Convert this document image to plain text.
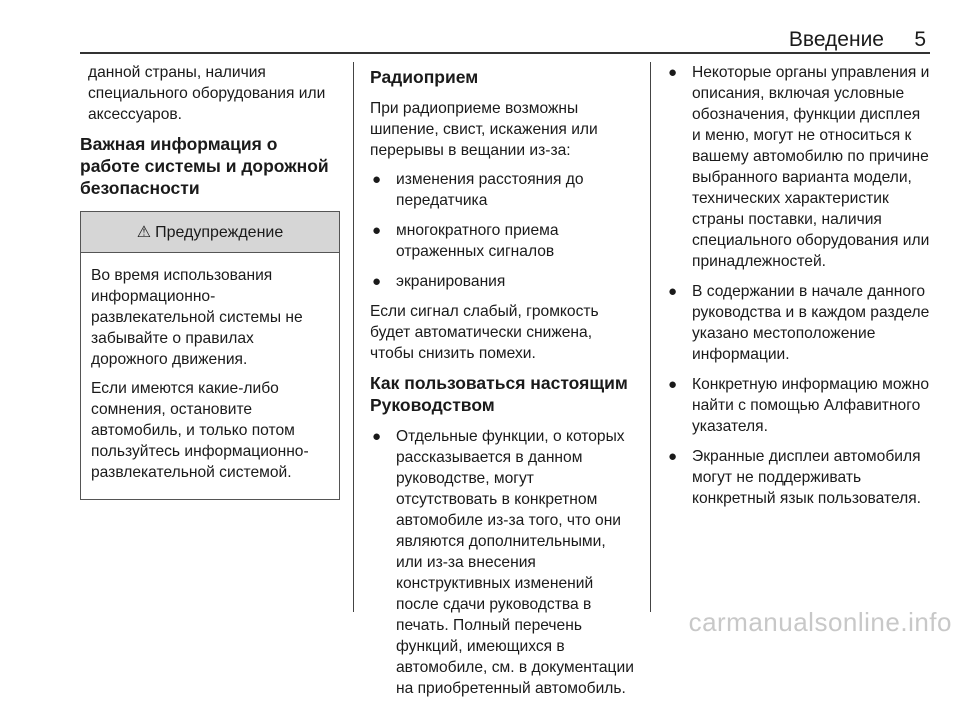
Введение 5

данной страны, наличия специального оборудования или аксессуаров.

Важная информация о работе системы и дорожной безопасности
⚠ Предупреждение

Во время использования информационно-развлекательной системы не забывайте о правилах дорожного движения.

Если имеются какие-либо сомнения, остановите автомобиль, и только потом пользуйтесь информационно-развлекательной системой.

Радиоприем

При радиоприеме возможны шипение, свист, искажения или перерывы в вещании из-за:

● изменения расстояния до передатчика
● многократного приема отраженных сигналов
● экранирования

Если сигнал слабый, громкость будет автоматически снижена, чтобы снизить помехи.

Как пользоваться настоящим Руководством
● Отдельные функции, о которых рассказывается в данном руководстве, могут отсутствовать в конкретном автомобиле из-за того, что они являются дополнительными, или из-за внесения конструктивных изменений после сдачи руководства в печать. Полный перечень функций, имеющихся в автомобиле, см. в документации на приобретенный автомобиль.
● Некоторые органы управления и описания, включая условные обозначения, функции дисплея и меню, могут не относиться к вашему автомобилю по причине выбранного варианта модели, технических характеристик страны поставки, наличия специального оборудования или принадлежностей.
● В содержании в начале данного руководства и в каждом разделе указано местоположение информации.
● Конкретную информацию можно найти с помощью Алфавитного указателя.
● Экранные дисплеи автомобиля могут не поддерживать конкретный язык пользователя.
carmanualsonline.info
